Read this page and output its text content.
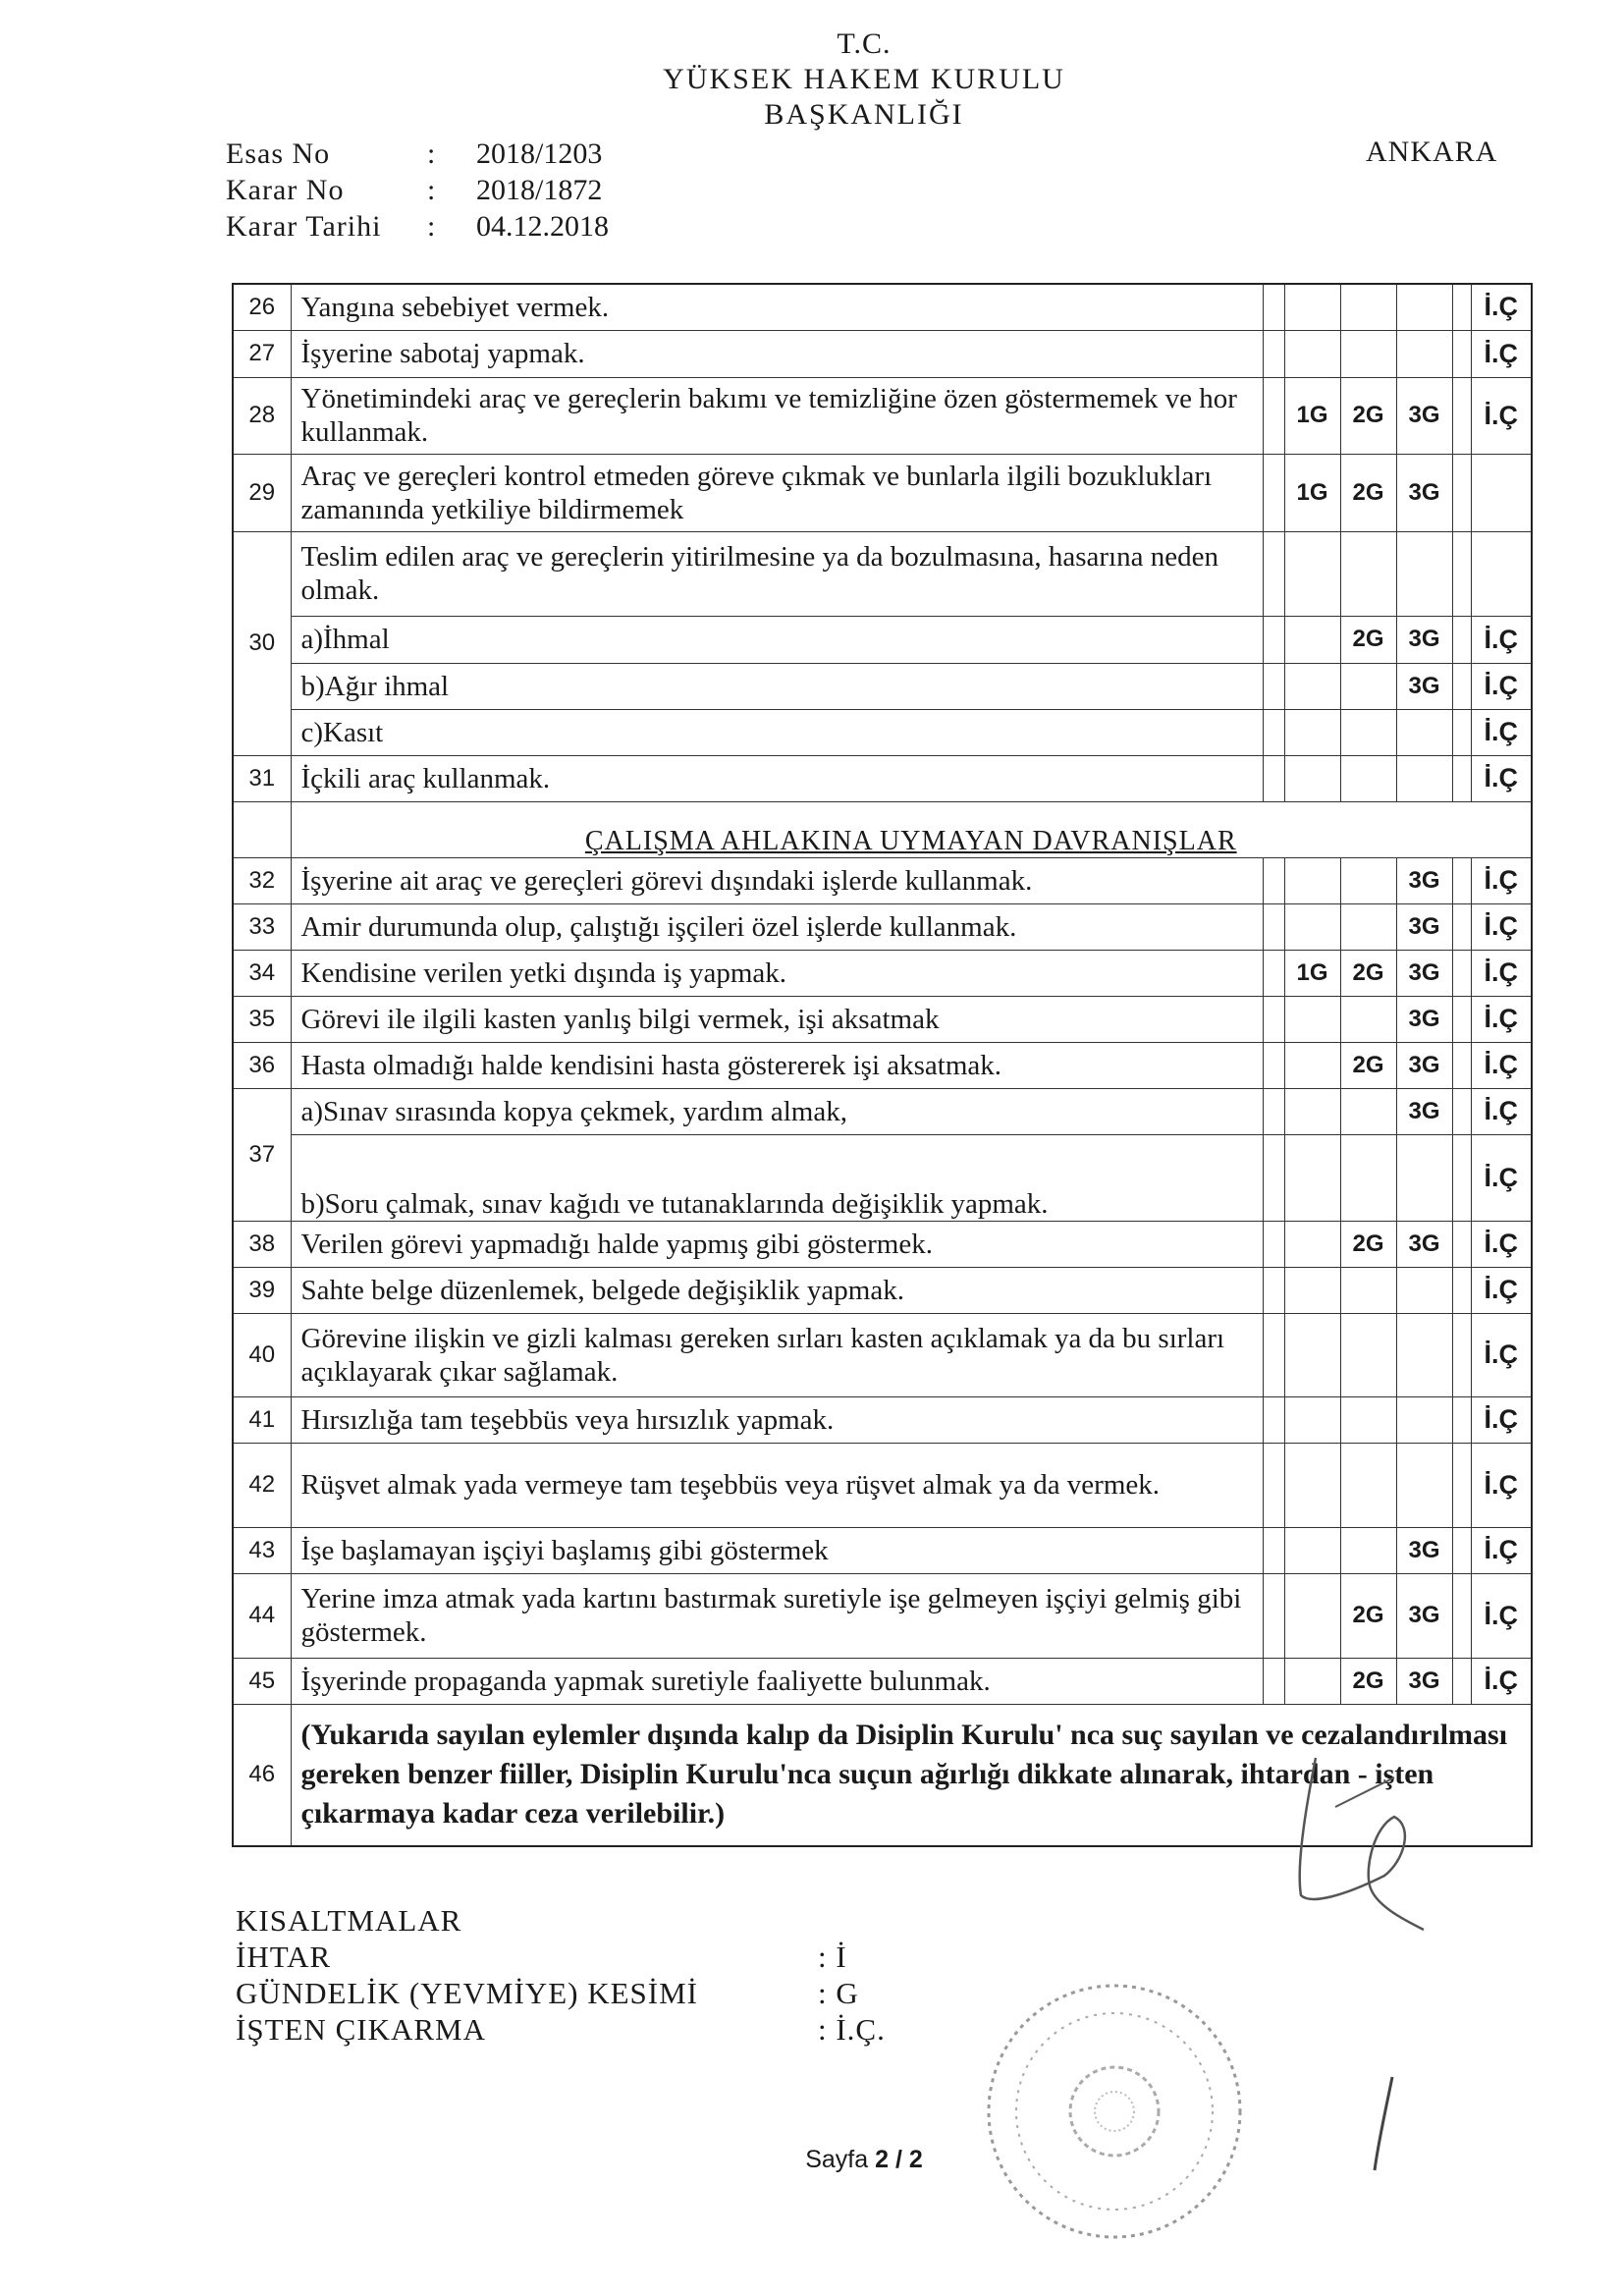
T.C.
YÜKSEK HAKEM KURULU
BAŞKANLIĞI
Esas No	:	2018/1203
Karar No	:	2018/1872
Karar Tarihi	:	04.12.2018
ANKARA
26	Yangına sebebiyet vermek.						İ.Ç
27	İşyerine sabotaj yapmak.						İ.Ç
28	Yönetimindeki araç ve gereçlerin bakımı ve temizliğine özen göstermemek ve hor kullanmak.		1G	2G	3G		İ.Ç
29	Araç ve gereçleri kontrol etmeden göreve çıkmak ve bunlarla ilgili bozuklukları zamanında yetkiliye bildirmemek		1G	2G	3G		
30	Teslim edilen araç ve gereçlerin yitirilmesine ya da bozulmasına, hasarına neden olmak.						
	a)İhmal			2G	3G		İ.Ç
	b)Ağır ihmal				3G		İ.Ç
	c)Kasıt						İ.Ç
31	İçkili araç kullanmak.						İ.Ç
	ÇALIŞMA AHLAKINA UYMAYAN DAVRANIŞLAR						
32	İşyerine ait araç ve gereçleri görevi dışındaki işlerde kullanmak.				3G		İ.Ç
33	Amir durumunda olup, çalıştığı işçileri özel işlerde kullanmak.				3G		İ.Ç
34	Kendisine verilen yetki dışında iş yapmak.		1G	2G	3G		İ.Ç
35	Görevi ile ilgili kasten yanlış bilgi vermek, işi aksatmak				3G		İ.Ç
36	Hasta olmadığı halde kendisini hasta göstererek işi aksatmak.			2G	3G		İ.Ç
37	a)Sınav sırasında kopya çekmek, yardım almak,				3G		İ.Ç
	b)Soru çalmak, sınav kağıdı ve tutanaklarında değişiklik yapmak.						İ.Ç
38	Verilen görevi yapmadığı halde yapmış gibi göstermek.			2G	3G		İ.Ç
39	Sahte belge düzenlemek, belgede değişiklik yapmak.						İ.Ç
40	Görevine ilişkin ve gizli kalması gereken sırları kasten açıklamak ya da bu sırları açıklayarak çıkar sağlamak.						İ.Ç
41	Hırsızlığa tam teşebbüs veya hırsızlık yapmak.						İ.Ç
42	Rüşvet almak yada vermeye tam teşebbüs veya rüşvet almak ya da vermek.						İ.Ç
43	İşe başlamayan işçiyi başlamış gibi göstermek				3G		İ.Ç
44	Yerine imza atmak yada kartını bastırmak suretiyle işe gelmeyen işçiyi gelmiş gibi göstermek.			2G	3G		İ.Ç
45	İşyerinde propaganda yapmak suretiyle faaliyette bulunmak.			2G	3G		İ.Ç
46	(Yukarıda sayılan eylemler dışında kalıp da Disiplin Kurulu' nca suç sayılan ve cezalandırılması gereken benzer fiiller, Disiplin Kurulu'nca suçun ağırlığı dikkate alınarak, ihtardan - işten çıkarmaya kadar ceza verilebilir.)						
KISALTMALAR
İHTAR	: İ
GÜNDELİK (YEVMİYE) KESİMİ	: G
İŞTEN ÇIKARMA	: İ.Ç.
Sayfa 2 / 2
